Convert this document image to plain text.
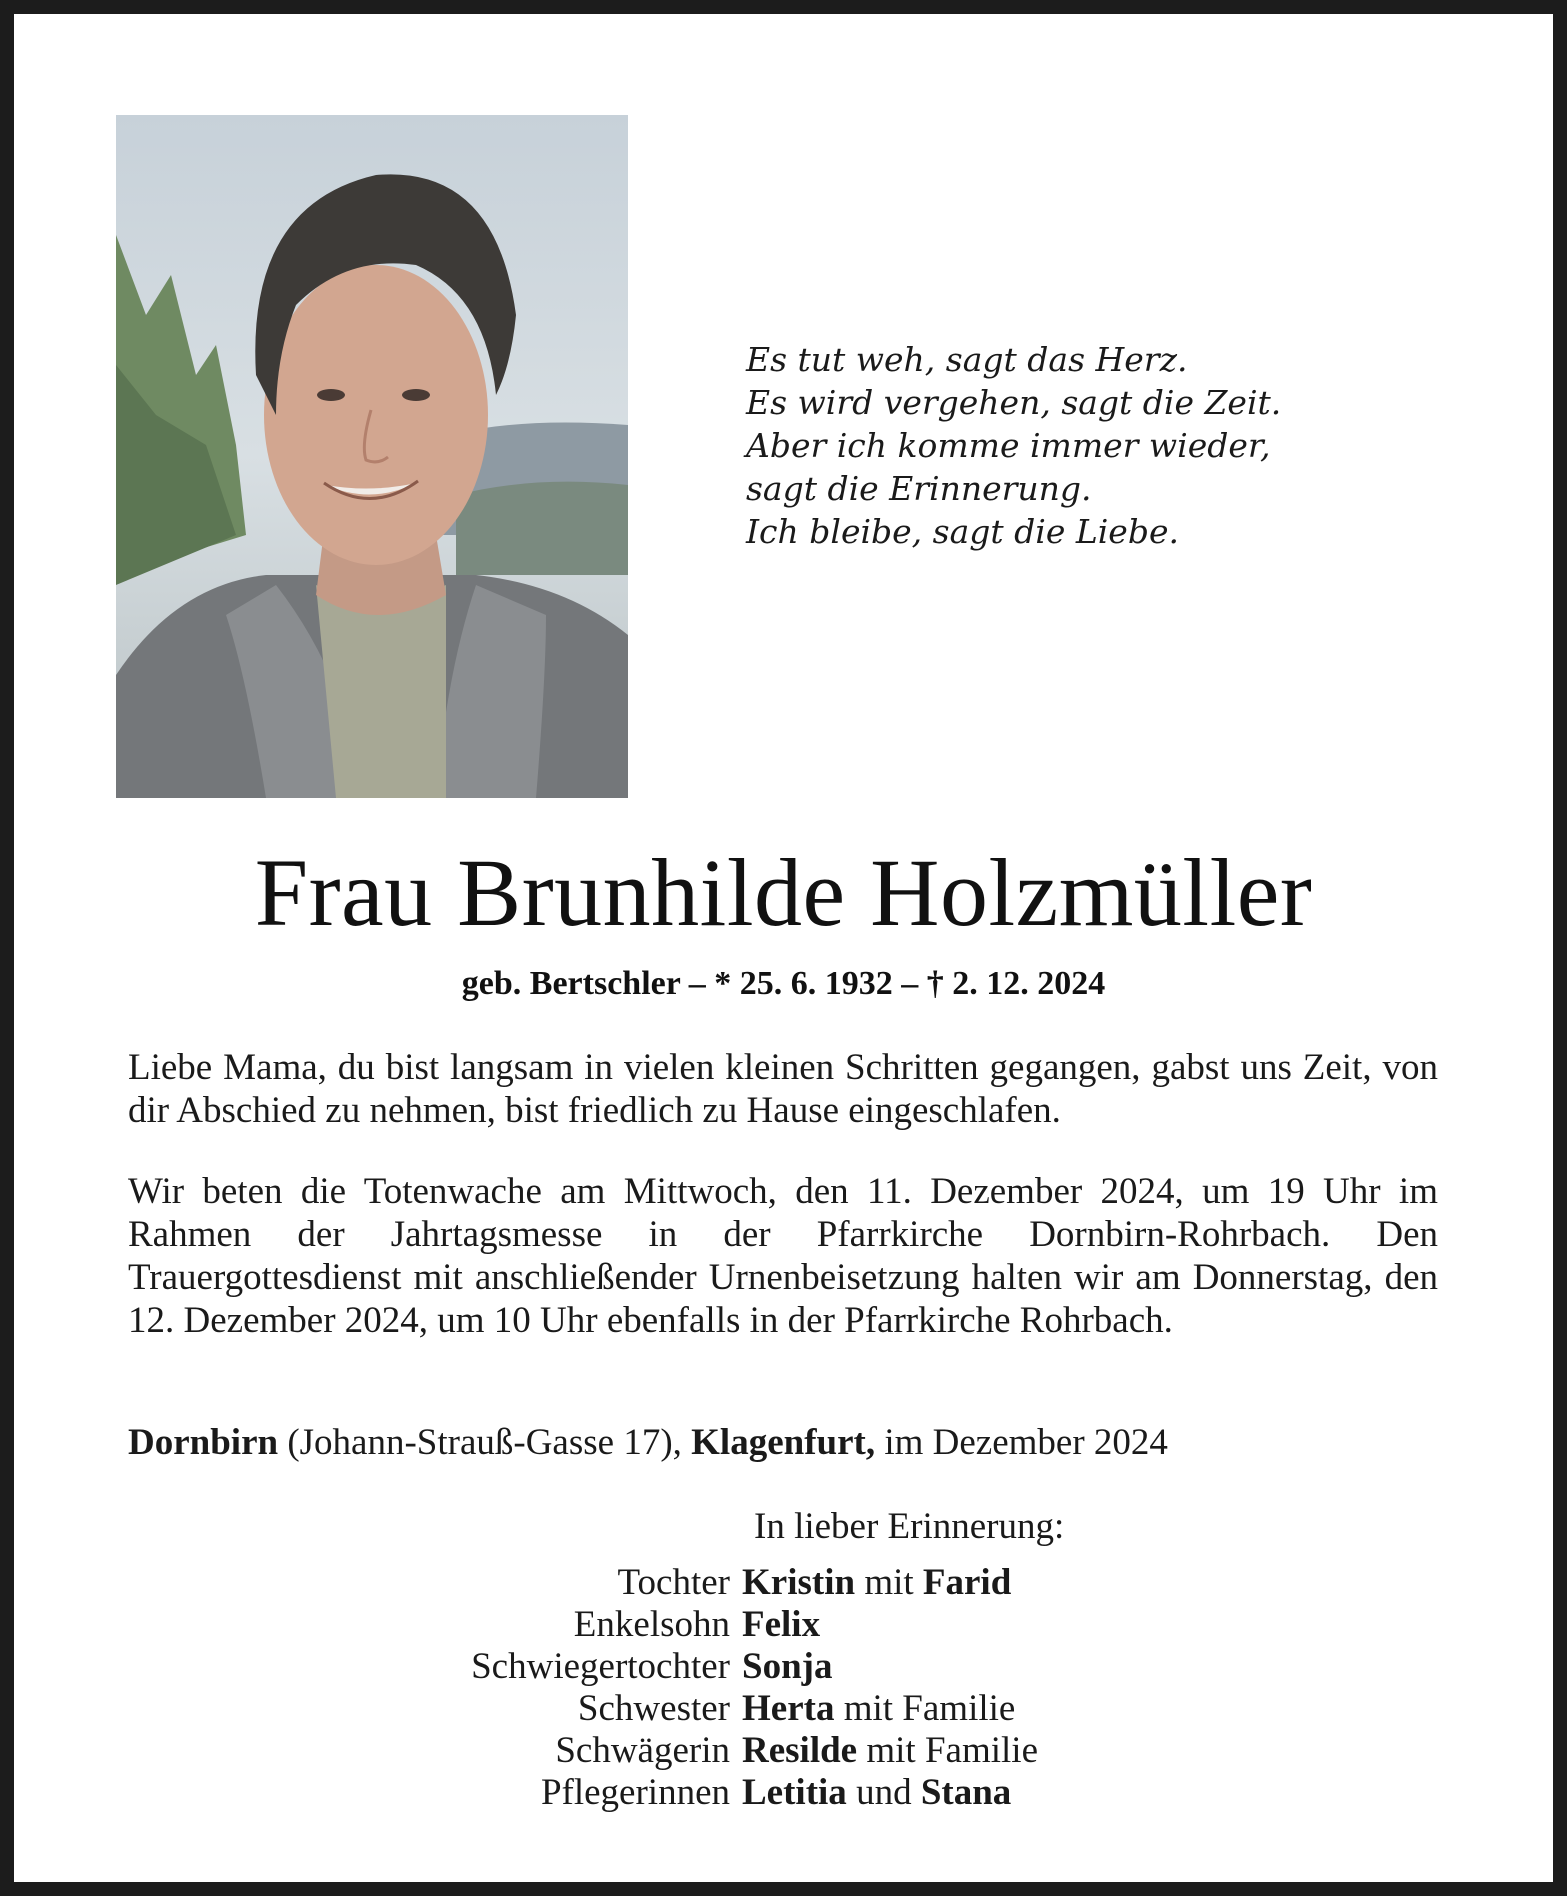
Es tut weh, sagt das Herz.
Es wird vergehen, sagt die Zeit.
Aber ich komme immer wieder,
sagt die Erinnerung.
Ich bleibe, sagt die Liebe.
Frau Brunhilde Holzmüller
geb. Bertschler – * 25. 6. 1932 – † 2. 12. 2024
Liebe Mama, du bist langsam in vielen kleinen Schritten gegangen, gabst uns Zeit, von dir Abschied zu nehmen, bist friedlich zu Hause eingeschlafen.
Wir beten die Totenwache am Mittwoch, den 11. Dezember 2024, um 19 Uhr im Rahmen der Jahrtagsmesse in der Pfarrkirche Dornbirn-Rohrbach. Den Trauergottesdienst mit anschließender Urnenbeisetzung halten wir am Donnerstag, den 12. Dezember 2024, um 10 Uhr ebenfalls in der Pfarrkirche Rohrbach.
Dornbirn (Johann-Strauß-Gasse 17), Klagenfurt, im Dezember 2024
In lieber Erinnerung:
Tochter Kristin mit Farid
Enkelsohn Felix
Schwiegertochter Sonja
Schwester Herta mit Familie
Schwägerin Resilde mit Familie
Pflegerinnen Letitia und Stana
